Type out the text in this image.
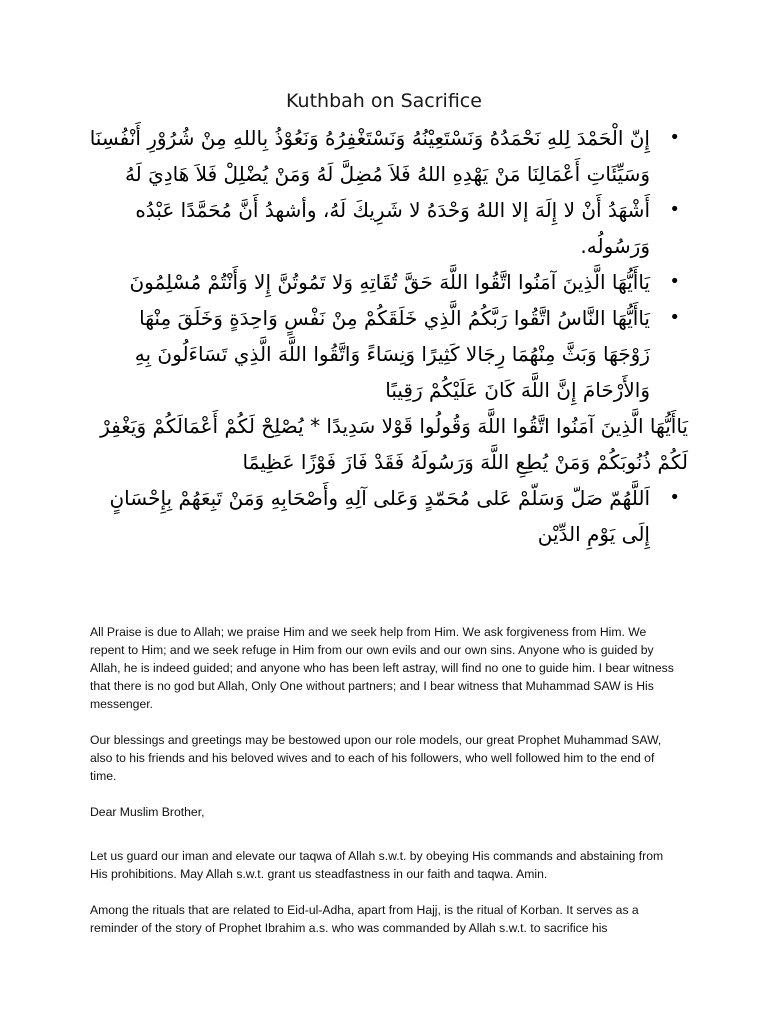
Kuthbah on Sacrifice
•
إِنّ الْحَمْدَ لِلهِ نَحْمَدُهُ وَنَسْتَعِيْنُهُ وَنَسْتَغْفِرُهُ وَنَعُوْذُ بِاللهِ مِنْ شُرُوْرِ أَنْفُسِنَا وَسَيِّئَاتِ أَعْمَالِنَا مَنْ يَهْدِهِ اللهُ فَلاَ مُضِلَّ لَهُ وَمَنْ يُضْلِلْ فَلاَ هَادِيَ لَهُ
•
أَشْهَدُ أَنْ لا إِلَهَ إلا اللهُ وَحْدَهُ لا شَرِيكَ لَهُ، وأشهدُ أَنَّ مُحَمَّدًا عَبْدُه وَرَسُولُه.
•
يَاأَيُّهَا الَّذِينَ آمَنُوا اتَّقُوا اللَّهَ حَقَّ تُقَاتِهِ وَلا تَمُوتُنَّ إِلا وَأَنْتُمْ مُسْلِمُونَ
•
يَاأَيُّهَا النَّاسُ اتَّقُوا رَبَّكُمُ الَّذِي خَلَقَكُمْ مِنْ نَفْسٍ وَاحِدَةٍ وَخَلَقَ مِنْهَا زَوْجَهَا وَبَثَّ مِنْهُمَا رِجَالا كَثِيرًا وَنِسَاءً وَاتَّقُوا اللَّهَ الَّذِي تَسَاءَلُونَ بِهِ وَالأَرْحَامَ إِنَّ اللَّهَ كَانَ عَلَيْكُمْ رَقِيبًا
يَاأَيُّهَا الَّذِينَ آمَنُوا اتَّقُوا اللَّهَ وَقُولُوا قَوْلا سَدِيدًا * يُصْلِحْ لَكُمْ أَعْمَالَكُمْ وَيَغْفِرْ لَكُمْ ذُنُوبَكُمْ وَمَنْ يُطِعِ اللَّهَ وَرَسُولَهُ فَقَدْ فَازَ فَوْزًا عَظِيمًا
•
اَللَّهُمّ صَلّ وَسَلّمْ عَلى مُحَمّدٍ وَعَلى آلِهِ وأَصْحَابِهِ وَمَنْ تَبِعَهُمْ بِإِحْسَانٍ إِلَى يَوْمِ الدِّيْن

All Praise is due to Allah; we praise Him and we seek help from Him. We ask forgiveness from Him. We repent to Him; and we seek refuge in Him from our own evils and our own sins. Anyone who is guided by Allah, he is indeed guided; and anyone who has been left astray, will find no one to guide him. I bear witness that there is no god but Allah, Only One without partners; and I bear witness that Muhammad SAW is His messenger.

Our blessings and greetings may be bestowed upon our role models, our great Prophet Muhammad SAW, also to his friends and his beloved wives and to each of his followers, who well followed him to the end of time.

Dear Muslim Brother,

Let us guard our iman and elevate our taqwa of Allah s.w.t. by obeying His commands and abstaining from His prohibitions. May Allah s.w.t. grant us steadfastness in our faith and taqwa. Amin.

Among the rituals that are related to Eid-ul-Adha, apart from Hajj, is the ritual of Korban. It serves as a reminder of the story of Prophet Ibrahim a.s. who was commanded by Allah s.w.t. to sacrifice his
